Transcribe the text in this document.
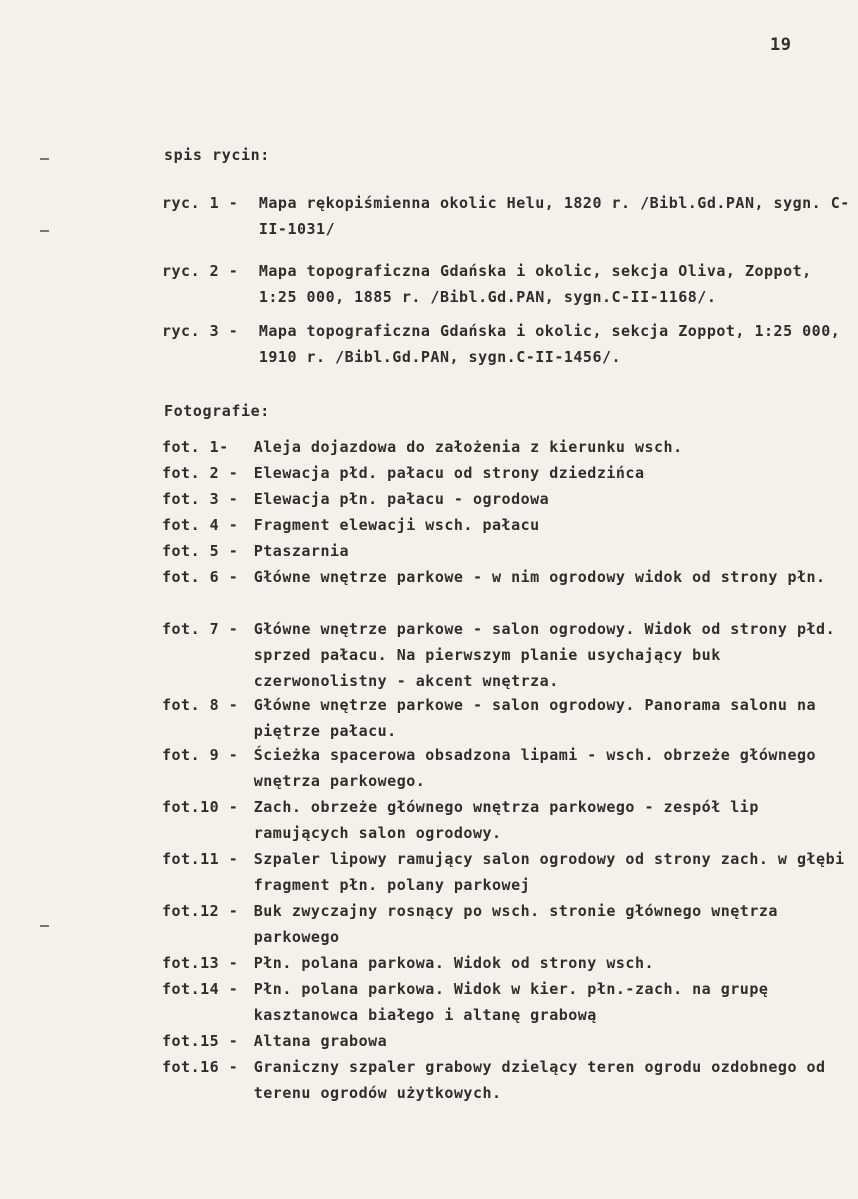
19
spis rycin:
ryc. 1 -	Mapa rękopiśmienna okolic Helu, 1820 r. /Bibl.Gd.PAN, sygn. C-II-1031/
ryc. 2 -	Mapa topograficzna Gdańska i okolic, sekcja Oliva, Zoppot, 1:25 000, 1885 r. /Bibl.Gd.PAN, sygn.C-II-1168/.
ryc. 3 -	Mapa topograficzna Gdańska i okolic, sekcja Zoppot, 1:25 000, 1910 r. /Bibl.Gd.PAN, sygn.C-II-1456/.
Fotografie:
fot. 1-	Aleja dojazdowa do założenia z kierunku wsch.
fot. 2 -	Elewacja płd. pałacu od strony dziedzińca
fot. 3 -	Elewacja płn. pałacu - ogrodowa
fot. 4 -	Fragment elewacji wsch. pałacu
fot. 5 -	Ptaszarnia
fot. 6 -	Główne wnętrze parkowe - w nim ogrodowy widok od strony płn.
fot. 7 -	Główne wnętrze parkowe - salon ogrodowy. Widok od strony płd. sprzed pałacu. Na pierwszym planie usychający buk czerwonolistny - akcent wnętrza.
fot. 8 -	Główne wnętrze parkowe - salon ogrodowy. Panorama salonu na piętrze pałacu.
fot. 9 -	Ścieżka spacerowa obsadzona lipami - wsch. obrzeże głównego wnętrza parkowego.
fot.10 -	Zach. obrzeże głównego wnętrza parkowego - zespół lip ramujących salon ogrodowy.
fot.11 -	Szpaler lipowy ramujący salon ogrodowy od strony zach. w głębi fragment płn. polany parkowej
fot.12 -	Buk zwyczajny rosnący po wsch. stronie głównego wnętrza parkowego
fot.13 -	Płn. polana parkowa. Widok od strony wsch.
fot.14 -	Płn. polana parkowa. Widok w kier. płn.-zach. na grupę kasztanowca białego i altanę grabową
fot.15 -	Altana grabowa
fot.16 -	Graniczny szpaler grabowy dzielący teren ogrodu ozdobnego od terenu ogrodów użytkowych.
